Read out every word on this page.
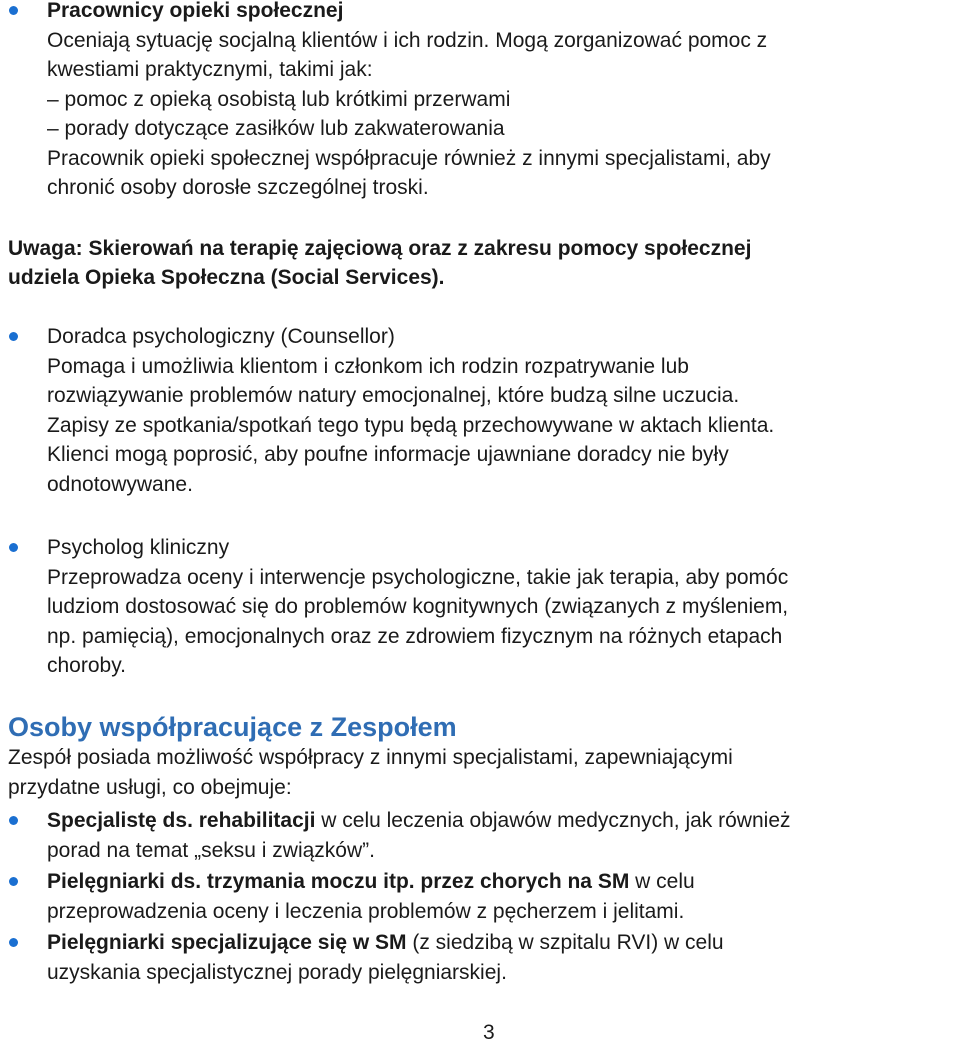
Pracownicy opieki społecznej
Oceniają sytuację socjalną klientów i ich rodzin. Mogą zorganizować pomoc z
kwestiami praktycznymi, takimi jak:
– pomoc z opieką osobistą lub krótkimi przerwami
– porady dotyczące zasiłków lub zakwaterowania
Pracownik opieki społecznej współpracuje również z innymi specjalistami, aby
chronić osoby dorosłe szczególnej troski.
Uwaga: Skierowań na terapię zajęciową oraz z zakresu pomocy społecznej
udziela Opieka Społeczna (Social Services).
Doradca psychologiczny (Counsellor)
Pomaga i umożliwia klientom i członkom ich rodzin rozpatrywanie lub
rozwiązywanie problemów natury emocjonalnej, które budzą silne uczucia.
Zapisy ze spotkania/spotkań tego typu będą przechowywane w aktach klienta.
Klienci mogą poprosić, aby poufne informacje ujawniane doradcy nie były
odnotowywane.
Psycholog kliniczny
Przeprowadza oceny i interwencje psychologiczne, takie jak terapia, aby pomóc
ludziom dostosować się do problemów kognitywnych (związanych z myśleniem,
np. pamięcią), emocjonalnych oraz ze zdrowiem fizycznym na różnych etapach
choroby.
Osoby współpracujące z Zespołem
Zespół posiada możliwość współpracy z innymi specjalistami, zapewniającymi
przydatne usługi, co obejmuje:
Specjalistę ds. rehabilitacji w celu leczenia objawów medycznych, jak również
porad na temat „seksu i związków”.
Pielęgniarki ds. trzymania moczu itp. przez chorych na SM w celu
przeprowadzenia oceny i leczenia problemów z pęcherzem i jelitami.
Pielęgniarki specjalizujące się w SM (z siedzibą w szpitalu RVI) w celu
uzyskania specjalistycznej porady pielęgniarskiej.
3
